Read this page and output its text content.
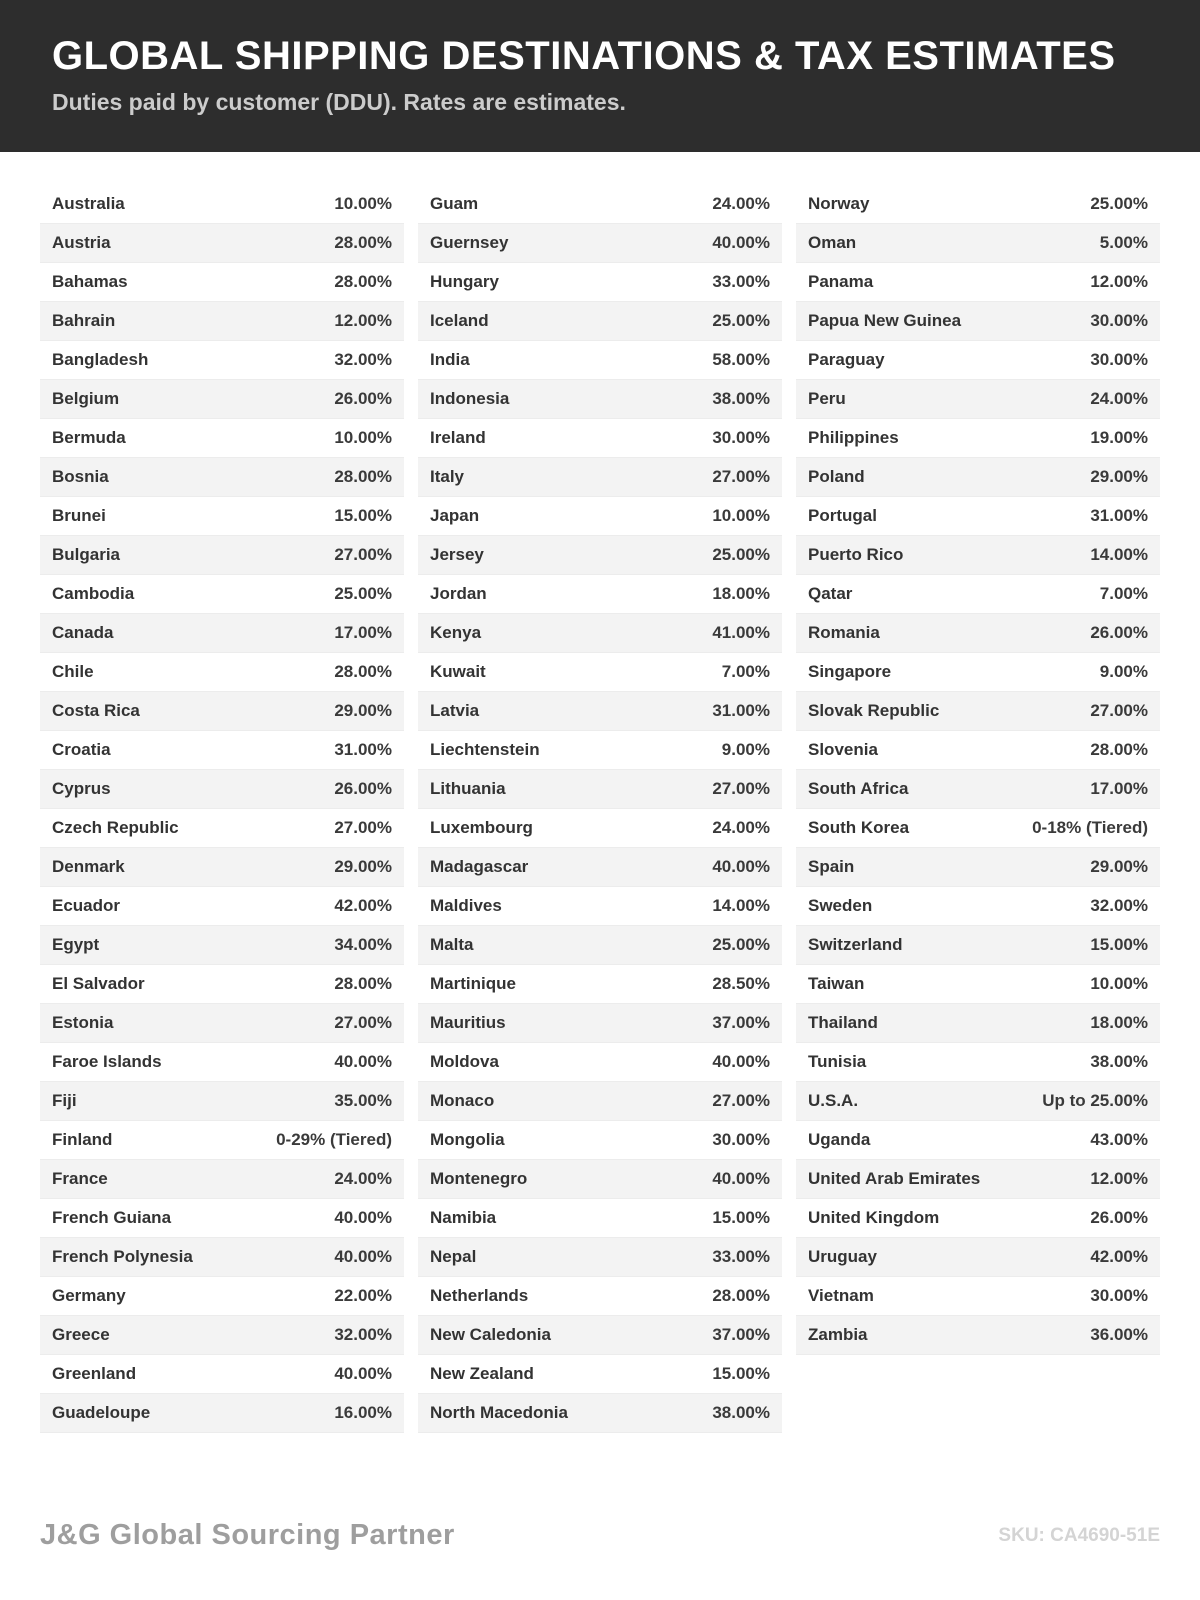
GLOBAL SHIPPING DESTINATIONS & TAX ESTIMATES

Duties paid by customer (DDU). Rates are estimates.

Australia	10.00%
Austria	28.00%
Bahamas	28.00%
Bahrain	12.00%
Bangladesh	32.00%
Belgium	26.00%
Bermuda	10.00%
Bosnia	28.00%
Brunei	15.00%
Bulgaria	27.00%
Cambodia	25.00%
Canada	17.00%
Chile	28.00%
Costa Rica	29.00%
Croatia	31.00%
Cyprus	26.00%
Czech Republic	27.00%
Denmark	29.00%
Ecuador	42.00%
Egypt	34.00%
El Salvador	28.00%
Estonia	27.00%
Faroe Islands	40.00%
Fiji	35.00%
Finland	0-29% (Tiered)
France	24.00%
French Guiana	40.00%
French Polynesia	40.00%
Germany	22.00%
Greece	32.00%
Greenland	40.00%
Guadeloupe	16.00%
Guam	24.00%
Guernsey	40.00%
Hungary	33.00%
Iceland	25.00%
India	58.00%
Indonesia	38.00%
Ireland	30.00%
Italy	27.00%
Japan	10.00%
Jersey	25.00%
Jordan	18.00%
Kenya	41.00%
Kuwait	7.00%
Latvia	31.00%
Liechtenstein	9.00%
Lithuania	27.00%
Luxembourg	24.00%
Madagascar	40.00%
Maldives	14.00%
Malta	25.00%
Martinique	28.50%
Mauritius	37.00%
Moldova	40.00%
Monaco	27.00%
Mongolia	30.00%
Montenegro	40.00%
Namibia	15.00%
Nepal	33.00%
Netherlands	28.00%
New Caledonia	37.00%
New Zealand	15.00%
North Macedonia	38.00%
Norway	25.00%
Oman	5.00%
Panama	12.00%
Papua New Guinea	30.00%
Paraguay	30.00%
Peru	24.00%
Philippines	19.00%
Poland	29.00%
Portugal	31.00%
Puerto Rico	14.00%
Qatar	7.00%
Romania	26.00%
Singapore	9.00%
Slovak Republic	27.00%
Slovenia	28.00%
South Africa	17.00%
South Korea	0-18% (Tiered)
Spain	29.00%
Sweden	32.00%
Switzerland	15.00%
Taiwan	10.00%
Thailand	18.00%
Tunisia	38.00%
U.S.A.	Up to 25.00%
Uganda	43.00%
United Arab Emirates	12.00%
United Kingdom	26.00%
Uruguay	42.00%
Vietnam	30.00%
Zambia	36.00%
J&G Global Sourcing Partner	SKU: CA4690-51E
